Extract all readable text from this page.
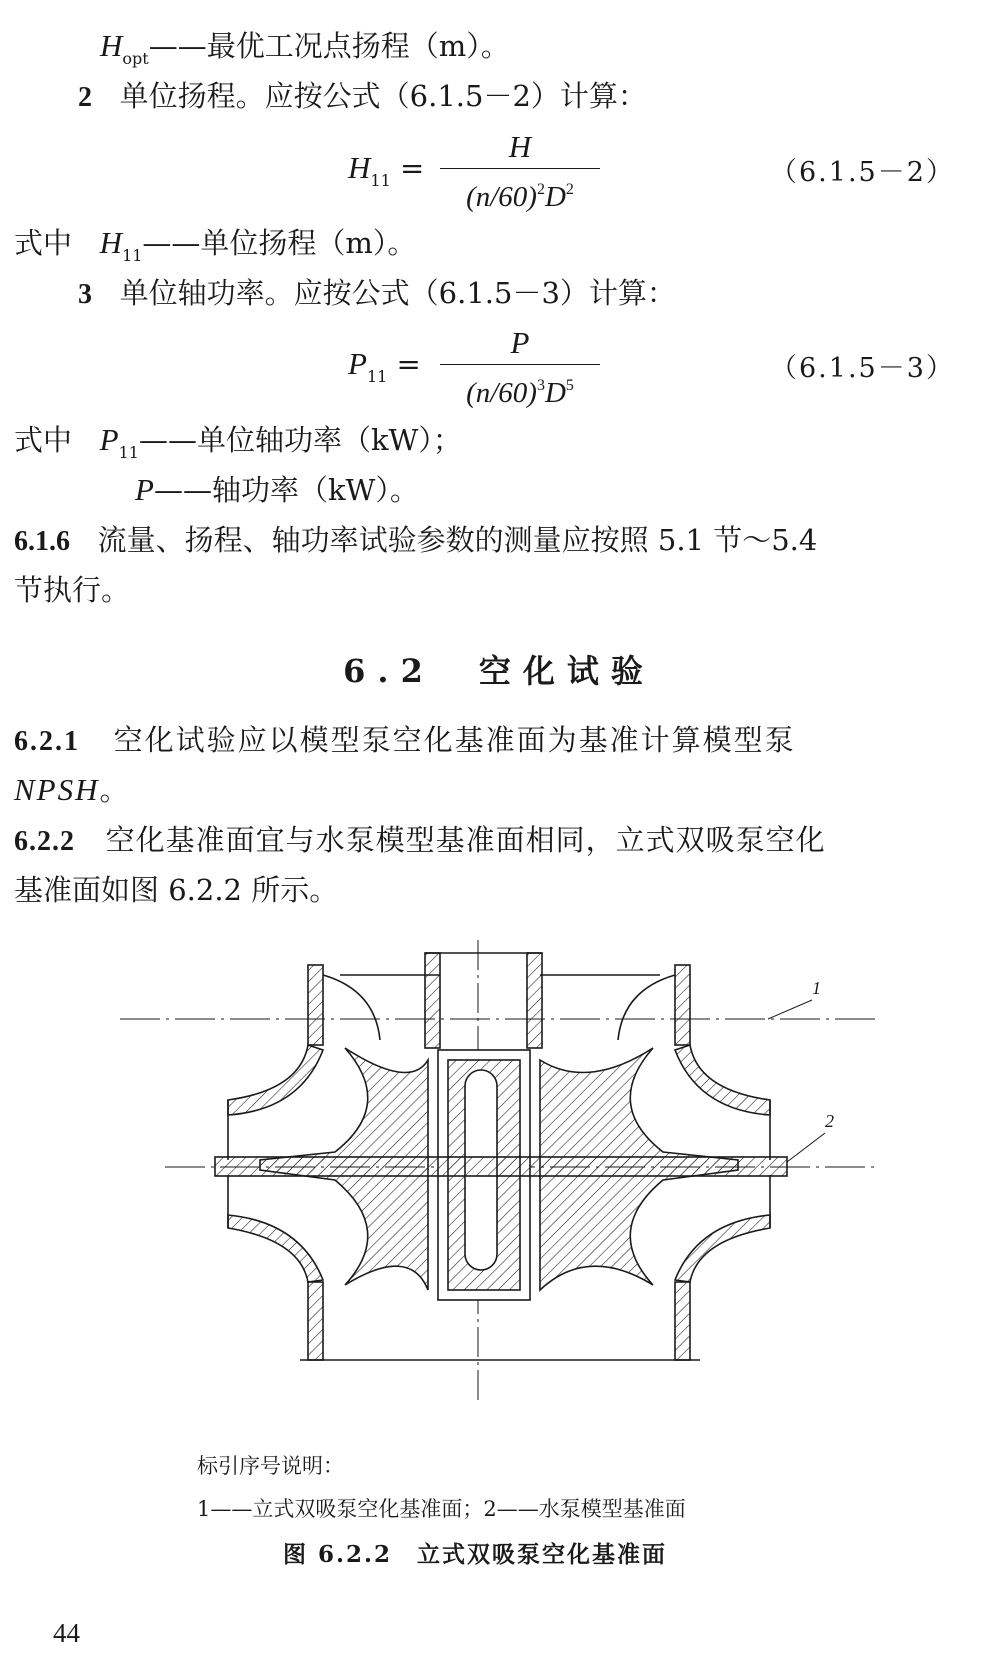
$H_{opt}——$最优工况点扬程（m）。
2 单位扬程。应按公式（6.1.5－2）计算：
$H_{11}$ =
H
$(n/60)^2D^2$
（6.1.5－2）
式中 $H_{11}——$单位扬程（m）。
3 单位轴功率。应按公式（6.1.5－3）计算：
$P_{11}$ =
P
$(n/60)^3D^5$
（6.1.5－3）
式中 $P_{11}——$单位轴功率（kW）；
P——轴功率（kW）。
6.1.6 流量、扬程、轴功率试验参数的测量应按照 5.1 节～5.4
节执行。
6.2　空化试验
6.2.1 空化试验应以模型泵空化基准面为基准计算模型泵
NPSH。
6.2.2 空化基准面宜与水泵模型基准面相同，立式双吸泵空化
基准面如图 6.2.2 所示。
1
2
标引序号说明：
1——立式双吸泵空化基准面；2——水泵模型基准面
图 6.2.2　立式双吸泵空化基准面
44
